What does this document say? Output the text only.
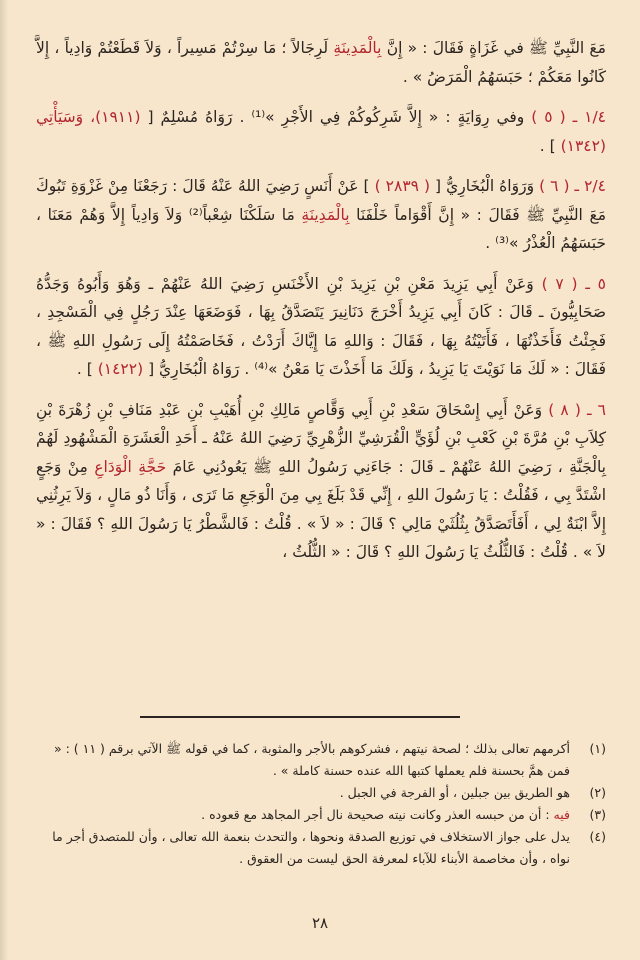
مَعَ النَّبِيِّ ﷺ في غَزَاةٍ فَقَالَ : « إِنَّ بِالْمَدِينَةِ لَرِجَالاً ؛ مَا سِرْتُمْ مَسِيراً ، وَلاَ قَطَعْتُمْ وَادِياً ، إِلاَّ كَانُوا مَعَكُمْ ؛ حَبَسَهُمُ الْمَرَضُ » .

١/٤ ـ ( ٥ ) وفي رِوَايَةٍ : « إِلاَّ شَرِكُوكُمْ فِي الأَجْرِ »⁽¹⁾ . رَوَاهُ مُسْلِمٌ [ (١٩١١)، وَسَيَأْتِي (١٣٤٢) ] .

٢/٤ ـ ( ٦ ) وَرَوَاهُ الْبُخَارِيُّ [ ( ٢٨٣٩ ) ] عَنْ أَنَسٍ رَضِيَ اللهُ عَنْهُ قَالَ : رَجَعْنَا مِنْ غَزْوَةِ تَبُوكَ مَعَ النَّبِيِّ ﷺ فَقَالَ : « إِنَّ أَقْوَاماً خَلْفَنَا بِالْمَدِينَةِ مَا سَلَكْنَا شِعْباً⁽²⁾ وَلاَ وَادِياً إِلاَّ وَهُمْ مَعَنَا ، حَبَسَهُمُ الْعُذْرُ »⁽³⁾ .

٥ ـ ( ٧ ) وَعَنْ أَبِي يَزِيدَ مَعْنِ بْنِ يَزِيدَ بْنِ الأَخْنَسِ رَضِيَ اللهُ عَنْهُمْ ـ وَهُوَ وَأَبُوهُ وَجَدُّهُ صَحَابِيُّونَ ـ قَالَ : كَانَ أَبِي يَزِيدُ أَخْرَجَ دَنَانِيرَ يَتَصَدَّقُ بِهَا ، فَوَضَعَهَا عِنْدَ رَجُلٍ فِي الْمَسْجِدِ ، فَجِئْتُ فَأَخَذْتُهَا ، فَأَتَيْتُهُ بِهَا ، فَقَالَ : وَاللهِ مَا إِيَّاكَ أَرَدْتُ ، فَخَاصَمْتُهُ إِلَى رَسُولِ اللهِ ﷺ ، فَقَالَ : « لَكَ مَا نَوَيْتَ يَا يَزِيدُ ، وَلَكَ مَا أَخَذْتَ يَا مَعْنُ »⁽⁴⁾ . رَوَاهُ الْبُخَارِيُّ [ (١٤٢٢) ] .

٦ ـ ( ٨ ) وَعَنْ أَبِي إِسْحَاقَ سَعْدِ بْنِ أَبِي وَقَّاصٍ مَالِكِ بْنِ أُهَيْبِ بْنِ عَبْدِ مَنَافِ بْنِ زُهْرَةَ بْنِ كِلاَبِ بْنِ مُرَّةَ بْنِ كَعْبِ بْنِ لُؤَيٍّ الْقُرَشِيِّ الزُّهْرِيِّ رَضِيَ اللهُ عَنْهُ ـ أَحَدِ الْعَشَرَةِ الْمَشْهُودِ لَهُمْ بِالْجَنَّةِ ، رَضِيَ اللهُ عَنْهُمْ ـ قَالَ : جَاءَنِي رَسُولُ اللهِ ﷺ يَعُودُنِي عَامَ حَجَّةِ الْوَدَاعِ مِنْ وَجَعٍ اشْتَدَّ بِي ، فَقُلْتُ : يَا رَسُولَ اللهِ ، إِنِّي قَدْ بَلَغَ بِي مِنَ الْوَجَعِ مَا تَرَى ، وَأَنَا ذُو مَالٍ ، وَلاَ يَرِثُنِي إِلاَّ ابْنَةٌ لِي ، أَفَأَتَصَدَّقُ بِثُلُثَيْ مَالِي ؟ قَالَ : « لاَ » . قُلْتُ : فَالشَّطْرُ يَا رَسُولَ اللهِ ؟ فَقَالَ : « لاَ » . قُلْتُ : فَالثُّلُثُ يَا رَسُولَ اللهِ ؟ قَالَ : « الثُّلُثُ ،

(١)
أكرمهم تعالى بذلك ؛ لصحة نيتهم ، فشركوهم بالأجر والمثوبة ، كما في قوله ﷺ الآتي برقم ( ١١ ) : « فمن همَّ بحسنة فلم يعملها كتبها الله عنده حسنة كاملة » .
(٢)
هو الطريق بين جبلين ، أو الفرجة في الجبل .
(٣)
فيه : أن من حبسه العذر وكانت نيته صحيحة نال أجر المجاهد مع قعوده .
(٤)
يدل على جواز الاستخلاف في توزيع الصدقة ونحوها ، والتحدث بنعمة الله تعالى ، وأن للمتصدق أجر ما نواه ، وأن مخاصمة الأبناء للآباء لمعرفة الحق ليست من العقوق .
٢٨
